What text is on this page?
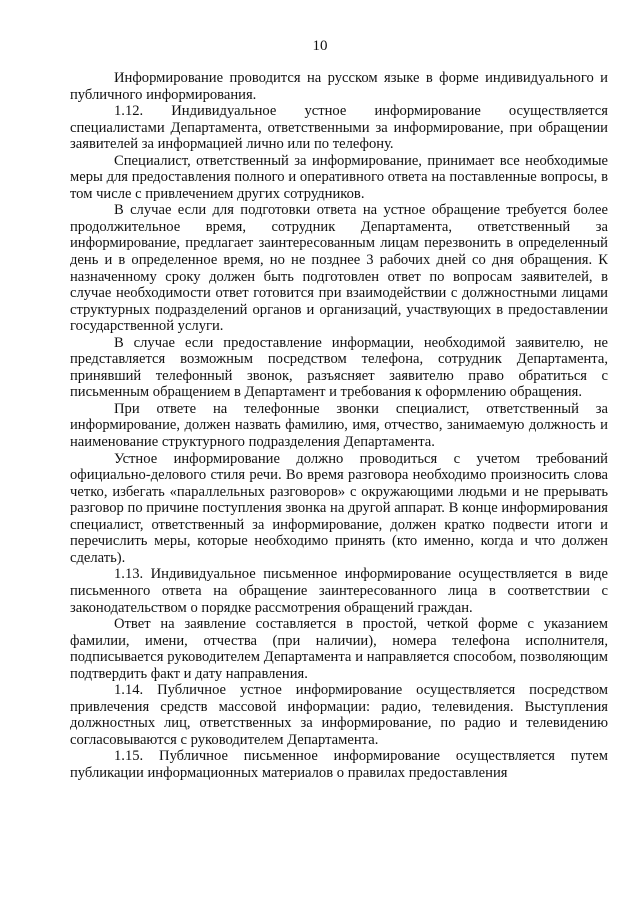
10

Информирование проводится на русском языке в форме индивидуального и публичного информирования.

1.12. Индивидуальное устное информирование осуществляется специалистами Департамента, ответственными за информирование, при обращении заявителей за информацией лично или по телефону.

Специалист, ответственный за информирование, принимает все необходимые меры для предоставления полного и оперативного ответа на поставленные вопросы, в том числе с привлечением других сотрудников.

В случае если для подготовки ответа на устное обращение требуется более продолжительное время, сотрудник Департамента, ответственный за информирование, предлагает заинтересованным лицам перезвонить в определенный день и в определенное время, но не позднее 3 рабочих дней со дня обращения. К назначенному сроку должен быть подготовлен ответ по вопросам заявителей, в случае необходимости ответ готовится при взаимодействии с должностными лицами структурных подразделений органов и организаций, участвующих в предоставлении государственной услуги.

В случае если предоставление информации, необходимой заявителю, не представляется возможным посредством телефона, сотрудник Департамента, принявший телефонный звонок, разъясняет заявителю право обратиться с письменным обращением в Департамент и требования к оформлению обращения.

При ответе на телефонные звонки специалист, ответственный за информирование, должен назвать фамилию, имя, отчество, занимаемую должность и наименование структурного подразделения Департамента.

Устное информирование должно проводиться с учетом требований официально-делового стиля речи. Во время разговора необходимо произносить слова четко, избегать «параллельных разговоров» с окружающими людьми и не прерывать разговор по причине поступления звонка на другой аппарат. В конце информирования специалист, ответственный за информирование, должен кратко подвести итоги и перечислить меры, которые необходимо принять (кто именно, когда и что должен сделать).

1.13. Индивидуальное письменное информирование осуществляется в виде письменного ответа на обращение заинтересованного лица в соответствии с законодательством о порядке рассмотрения обращений граждан.

Ответ на заявление составляется в простой, четкой форме с указанием фамилии, имени, отчества (при наличии), номера телефона исполнителя, подписывается руководителем Департамента и направляется способом, позволяющим подтвердить факт и дату направления.

1.14. Публичное устное информирование осуществляется посредством привлечения средств массовой информации: радио, телевидения. Выступления должностных лиц, ответственных за информирование, по радио и телевидению согласовываются с руководителем Департамента.

1.15. Публичное письменное информирование осуществляется путем публикации информационных материалов о правилах предоставления
